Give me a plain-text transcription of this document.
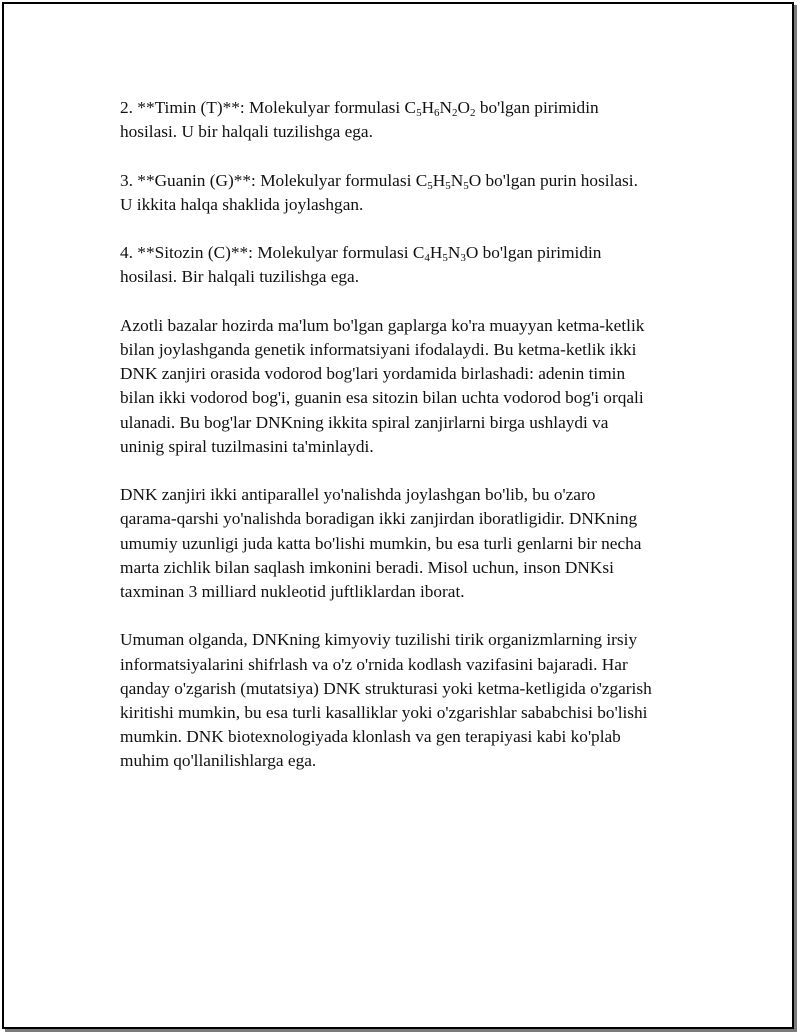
2. **Timin (T)**: Molekulyar formulasi $C_5H_6N_2O_2$ bo'lgan pirimidin
hosilasi. U bir halqali tuzilishga ega.

3. **Guanin (G)**: Molekulyar formulasi $C_5H_5N_5O$ bo'lgan purin hosilasi.
U ikkita halqa shaklida joylashgan.

4. **Sitozin (C)**: Molekulyar formulasi $C_4H_5N_3O$ bo'lgan pirimidin
hosilasi. Bir halqali tuzilishga ega.

Azotli bazalar hozirda ma'lum bo'lgan gaplarga ko'ra muayyan ketma-ketlik
bilan joylashganda genetik informatsiyani ifodalaydi. Bu ketma-ketlik ikki
DNK zanjiri orasida vodorod bog'lari yordamida birlashadi: adenin timin
bilan ikki vodorod bog'i, guanin esa sitozin bilan uchta vodorod bog'i orqali
ulanadi. Bu bog'lar DNKning ikkita spiral zanjirlarni birga ushlaydi va
uninig spiral tuzilmasini ta'minlaydi.

DNK zanjiri ikki antiparallel yo'nalishda joylashgan bo'lib, bu o'zaro
qarama-qarshi yo'nalishda boradigan ikki zanjirdan iboratligidir. DNKning
umumiy uzunligi juda katta bo'lishi mumkin, bu esa turli genlarni bir necha
marta zichlik bilan saqlash imkonini beradi. Misol uchun, inson DNKsi
taxminan 3 milliard nukleotid juftliklardan iborat.

Umuman olganda, DNKning kimyoviy tuzilishi tirik organizmlarning irsiy
informatsiyalarini shifrlash va o'z o'rnida kodlash vazifasini bajaradi. Har
qanday o'zgarish (mutatsiya) DNK strukturasi yoki ketma-ketligida o'zgarish
kiritishi mumkin, bu esa turli kasalliklar yoki o'zgarishlar sababchisi bo'lishi
mumkin. DNK biotexnologiyada klonlash va gen terapiyasi kabi ko'plab
muhim qo'llanilishlarga ega.
